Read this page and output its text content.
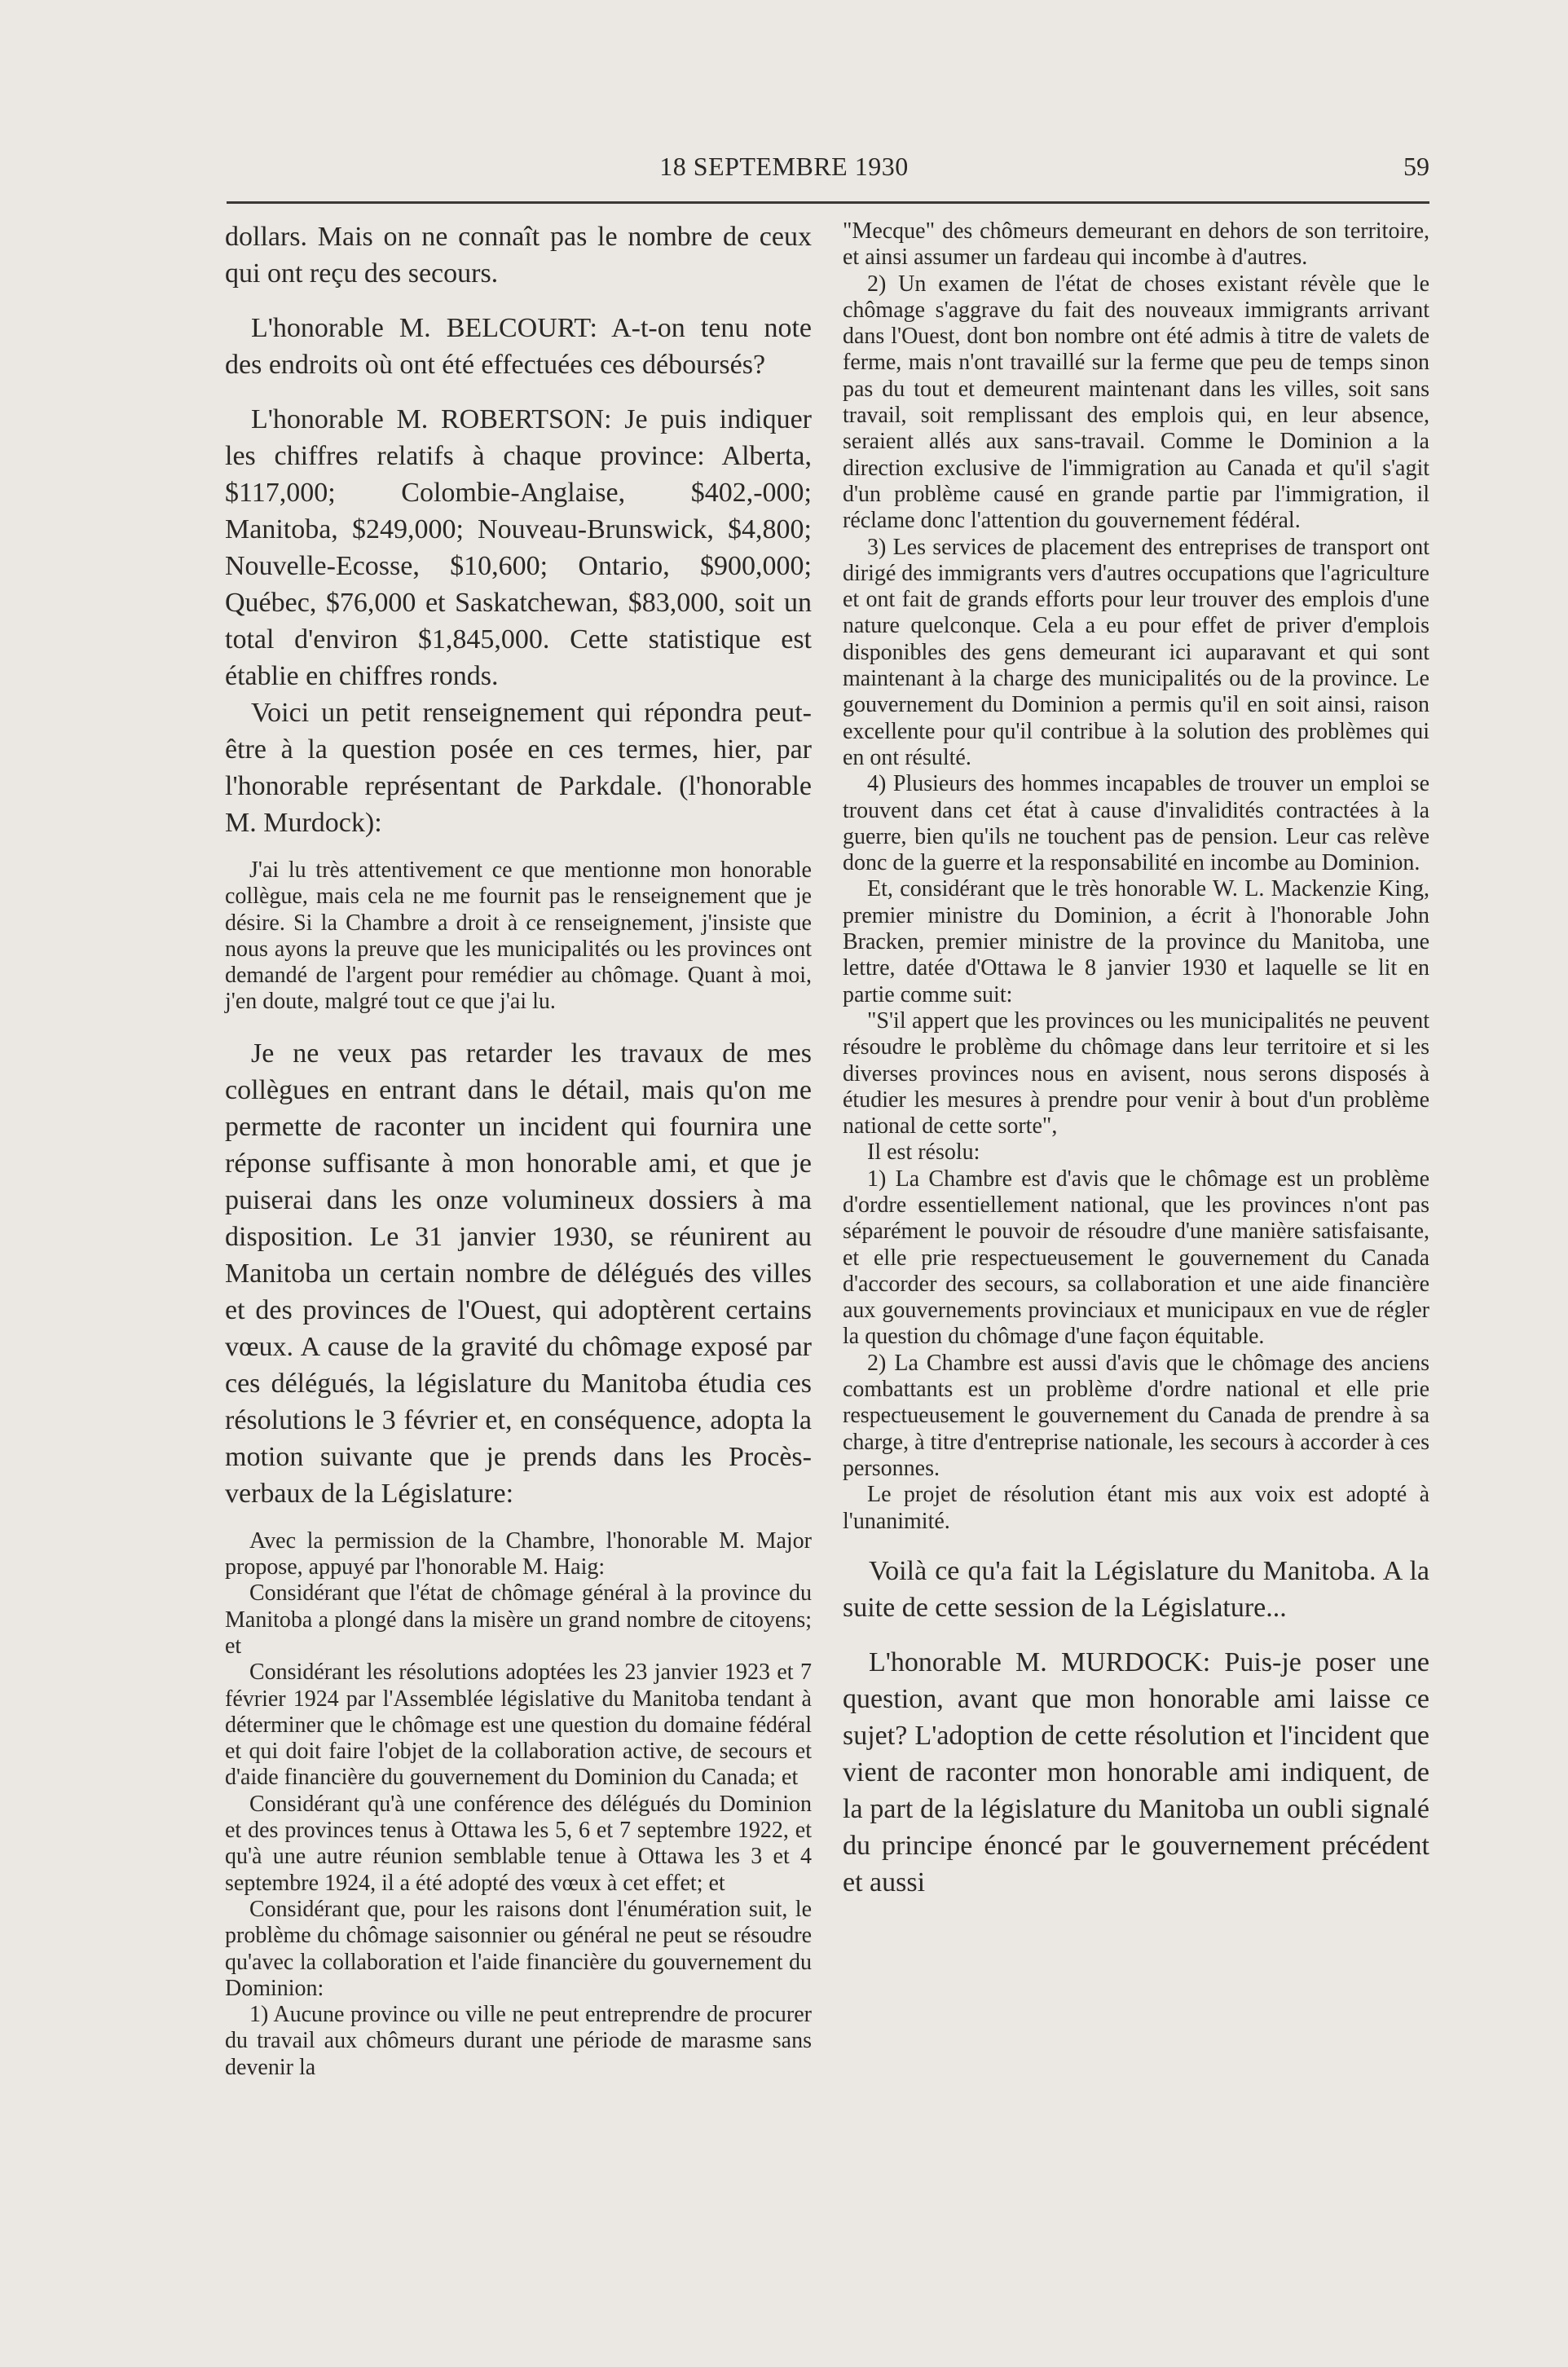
18 SEPTEMBRE 1930	59

dollars. Mais on ne connaît pas le nombre de ceux qui ont reçu des secours.

L'honorable M. BELCOURT: A-t-on tenu note des endroits où ont été effectuées ces déboursés?

L'honorable M. ROBERTSON: Je puis indiquer les chiffres relatifs à chaque province: Alberta, $117,000; Colombie-Anglaise, $402,-000; Manitoba, $249,000; Nouveau-Brunswick, $4,800; Nouvelle-Ecosse, $10,600; Ontario, $900,000; Québec, $76,000 et Saskatchewan, $83,000, soit un total d'environ $1,845,000. Cette statistique est établie en chiffres ronds.

Voici un petit renseignement qui répondra peut-être à la question posée en ces termes, hier, par l'honorable représentant de Parkdale. (l'honorable M. Murdock):

J'ai lu très attentivement ce que mentionne mon honorable collègue, mais cela ne me fournit pas le renseignement que je désire. Si la Chambre a droit à ce renseignement, j'insiste que nous ayons la preuve que les municipalités ou les provinces ont demandé de l'argent pour remédier au chômage. Quant à moi, j'en doute, malgré tout ce que j'ai lu.

Je ne veux pas retarder les travaux de mes collègues en entrant dans le détail, mais qu'on me permette de raconter un incident qui fournira une réponse suffisante à mon honorable ami, et que je puiserai dans les onze volumineux dossiers à ma disposition. Le 31 janvier 1930, se réunirent au Manitoba un certain nombre de délégués des villes et des provinces de l'Ouest, qui adoptèrent certains vœux. A cause de la gravité du chômage exposé par ces délégués, la législature du Manitoba étudia ces résolutions le 3 février et, en conséquence, adopta la motion suivante que je prends dans les Procès-verbaux de la Législature:

Avec la permission de la Chambre, l'honorable M. Major propose, appuyé par l'honorable M. Haig:

Considérant que l'état de chômage général à la province du Manitoba a plongé dans la misère un grand nombre de citoyens; et

Considérant les résolutions adoptées les 23 janvier 1923 et 7 février 1924 par l'Assemblée législative du Manitoba tendant à déterminer que le chômage est une question du domaine fédéral et qui doit faire l'objet de la collaboration active, de secours et d'aide financière du gouvernement du Dominion du Canada; et

Considérant qu'à une conférence des délégués du Dominion et des provinces tenus à Ottawa les 5, 6 et 7 septembre 1922, et qu'à une autre réunion semblable tenue à Ottawa les 3 et 4 septembre 1924, il a été adopté des vœux à cet effet; et

Considérant que, pour les raisons dont l'énumération suit, le problème du chômage saisonnier ou général ne peut se résoudre qu'avec la collaboration et l'aide financière du gouvernement du Dominion:

1) Aucune province ou ville ne peut entreprendre de procurer du travail aux chômeurs durant une période de marasme sans devenir la

"Mecque" des chômeurs demeurant en dehors de son territoire, et ainsi assumer un fardeau qui incombe à d'autres.

2) Un examen de l'état de choses existant révèle que le chômage s'aggrave du fait des nouveaux immigrants arrivant dans l'Ouest, dont bon nombre ont été admis à titre de valets de ferme, mais n'ont travaillé sur la ferme que peu de temps sinon pas du tout et demeurent maintenant dans les villes, soit sans travail, soit remplissant des emplois qui, en leur absence, seraient allés aux sans-travail. Comme le Dominion a la direction exclusive de l'immigration au Canada et qu'il s'agit d'un problème causé en grande partie par l'immigration, il réclame donc l'attention du gouvernement fédéral.

3) Les services de placement des entreprises de transport ont dirigé des immigrants vers d'autres occupations que l'agriculture et ont fait de grands efforts pour leur trouver des emplois d'une nature quelconque. Cela a eu pour effet de priver d'emplois disponibles des gens demeurant ici auparavant et qui sont maintenant à la charge des municipalités ou de la province. Le gouvernement du Dominion a permis qu'il en soit ainsi, raison excellente pour qu'il contribue à la solution des problèmes qui en ont résulté.

4) Plusieurs des hommes incapables de trouver un emploi se trouvent dans cet état à cause d'invalidités contractées à la guerre, bien qu'ils ne touchent pas de pension. Leur cas relève donc de la guerre et la responsabilité en incombe au Dominion.

Et, considérant que le très honorable W. L. Mackenzie King, premier ministre du Dominion, a écrit à l'honorable John Bracken, premier ministre de la province du Manitoba, une lettre, datée d'Ottawa le 8 janvier 1930 et laquelle se lit en partie comme suit:

"S'il appert que les provinces ou les municipalités ne peuvent résoudre le problème du chômage dans leur territoire et si les diverses provinces nous en avisent, nous serons disposés à étudier les mesures à prendre pour venir à bout d'un problème national de cette sorte",

Il est résolu:

1) La Chambre est d'avis que le chômage est un problème d'ordre essentiellement national, que les provinces n'ont pas séparément le pouvoir de résoudre d'une manière satisfaisante, et elle prie respectueusement le gouvernement du Canada d'accorder des secours, sa collaboration et une aide financière aux gouvernements provinciaux et municipaux en vue de régler la question du chômage d'une façon équitable.

2) La Chambre est aussi d'avis que le chômage des anciens combattants est un problème d'ordre national et elle prie respectueusement le gouvernement du Canada de prendre à sa charge, à titre d'entreprise nationale, les secours à accorder à ces personnes.

Le projet de résolution étant mis aux voix est adopté à l'unanimité.

Voilà ce qu'a fait la Législature du Manitoba. A la suite de cette session de la Législature...

L'honorable M. MURDOCK: Puis-je poser une question, avant que mon honorable ami laisse ce sujet? L'adoption de cette résolution et l'incident que vient de raconter mon honorable ami indiquent, de la part de la législature du Manitoba un oubli signalé du principe énoncé par le gouvernement précédent et aussi
